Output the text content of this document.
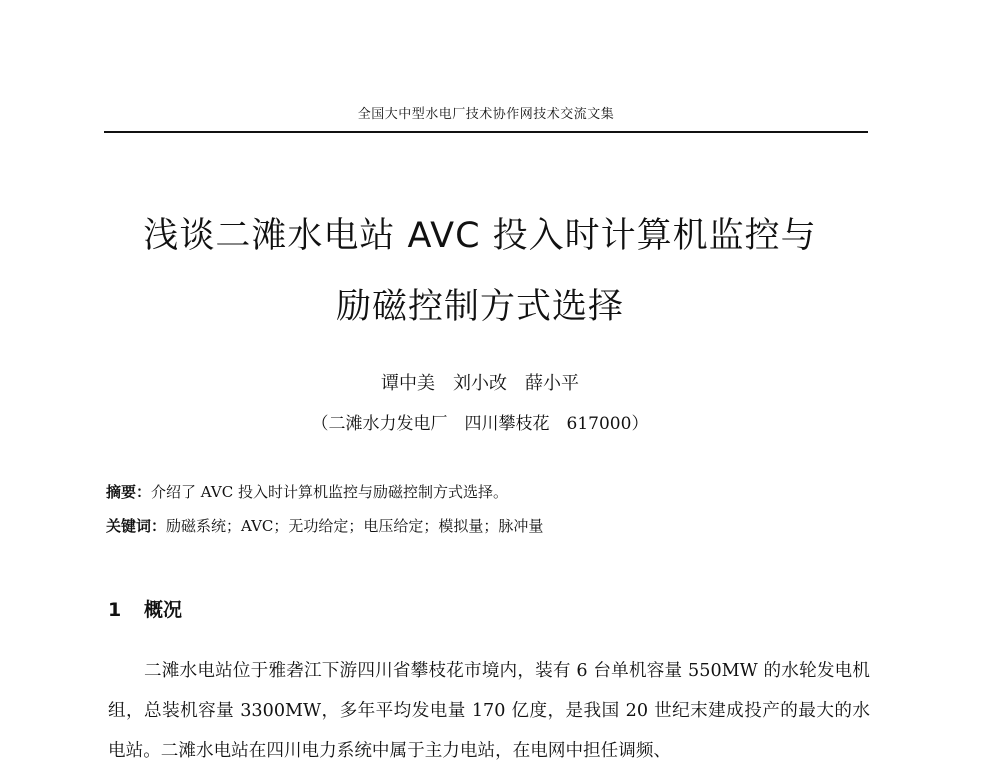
全国大中型水电厂技术协作网技术交流文集
浅谈二滩水电站 AVC 投入时计算机监控与
励磁控制方式选择
谭中美　刘小改　薛小平
（二滩水力发电厂　四川攀枝花　617000）
摘要：介绍了 AVC 投入时计算机监控与励磁控制方式选择。
关键词：励磁系统；AVC；无功给定；电压给定；模拟量；脉冲量
1 概况

二滩水电站位于雅砻江下游四川省攀枝花市境内，装有 6 台单机容量 550MW 的水轮发电机组，总装机容量 3300MW，多年平均发电量 170 亿度，是我国 20 世纪末建成投产的最大的水电站。二滩水电站在四川电力系统中属于主力电站，在电网中担任调频、
